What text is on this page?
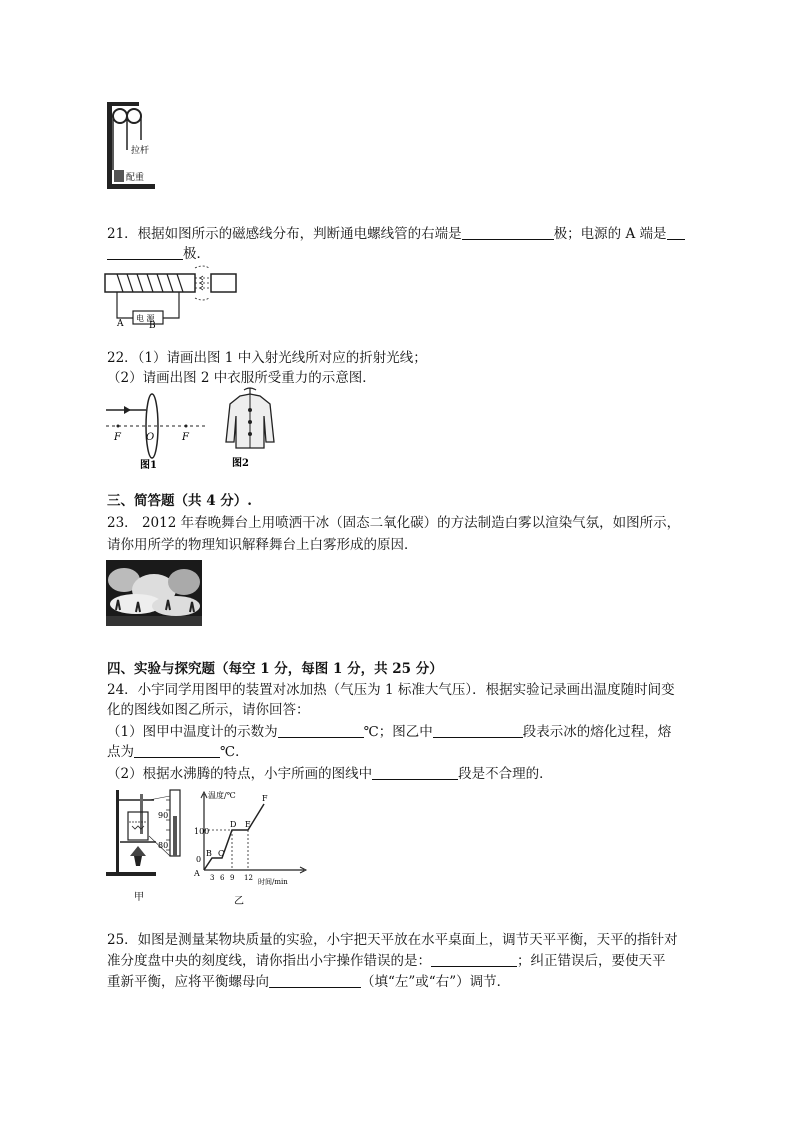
拉杆
配重
21．根据如图所示的磁感线分布，判断通电螺线管的右端是	极；电源的 A 端是
极．
电 源
A	B
22．（1）请画出图 1 中入射光线所对应的折射光线；
（2）请画出图 2 中衣服所受重力的示意图．
F	O	F
图1	图2
三、简答题（共 4 分）.
23． 2012 年春晚舞台上用喷洒干冰（固态二氧化碳）的方法制造白雾以渲染气氛，如图所示，
请你用所学的物理知识解释舞台上白雾形成的原因．
四、实验与探究题（每空 1 分，每图 1 分，共 25 分）
24．小宇同学用图甲的装置对冰加热（气压为 1 标准大气压）．根据实验记录画出温度随时间变
化的图线如图乙所示，请你回答：
（1）图甲中温度计的示数为	℃；图乙中	段表示冰的熔化过程，熔
点为	℃．
（2）根据水沸腾的特点，小宇所画的图线中	段是不合理的．
90
80
甲
100
0
温度/℃
时间/min
3 6 9 12
A
B C
D E
F
乙
25．如图是测量某物块质量的实验，小宇把天平放在水平桌面上，调节天平平衡，天平的指针对
准分度盘中央的刻度线，请你指出小宇操作错误的是：	；纠正错误后，要使天平
重新平衡，应将平衡螺母向	（填“左”或“右”）调节．
